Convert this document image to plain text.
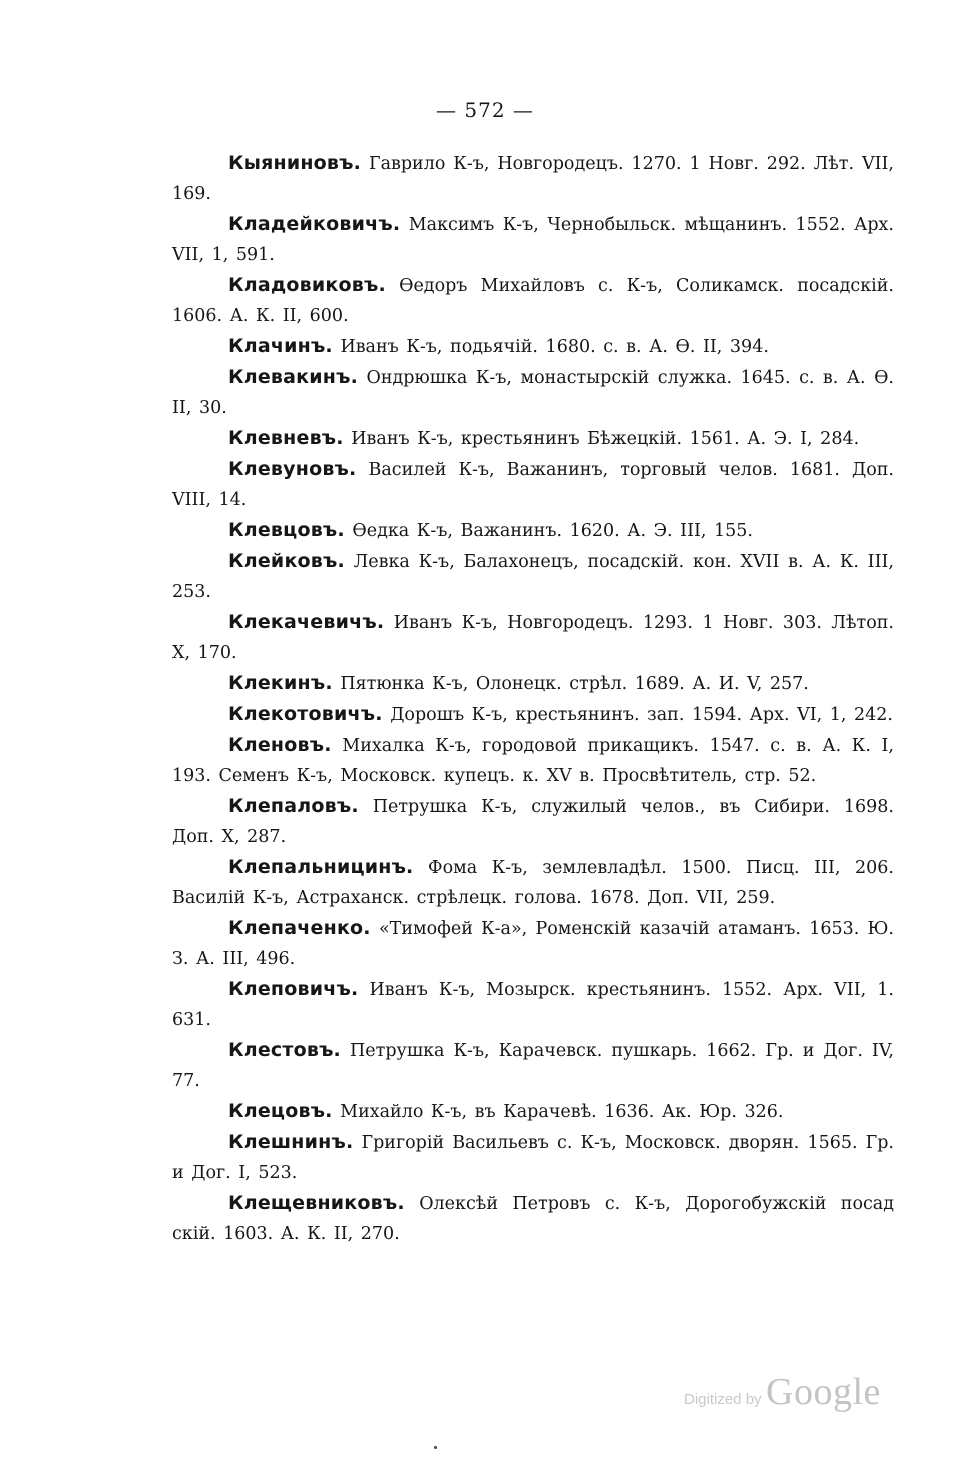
— 572 —

Кыяниновъ. Гаврило К-ъ, Новгородецъ. 1270. 1 Новг. 292. Лѣт. VII, 169.

Кладейковичъ. Максимъ К-ъ, Чернобыльск. мѣщанинъ. 1552. Арх. VII, 1, 591.

Кладовиковъ. Ѳедоръ Михайловъ с. К-ъ, Соликамск. посадскій. 1606. А. К. II, 600.

Клачинъ. Иванъ К-ъ, подьячій. 1680. с. в. А. Ѳ. II, 394.

Клевакинъ. Ондрюшка К-ъ, монастырскій служка. 1645. с. в. А. Ѳ. II, 30.

Клевневъ. Иванъ К-ъ, крестьянинъ Бѣжецкій. 1561. А. Э. I, 284.

Клевуновъ. Василей К-ъ, Важанинъ, торговый челов. 1681. Доп. VIII, 14.

Клевцовъ. Ѳедка К-ъ, Важанинъ. 1620. А. Э. III, 155.

Клейковъ. Левка К-ъ, Балахонецъ, посадскій. кон. XVII в. А. К. III, 253.

Клекачевичъ. Иванъ К-ъ, Новгородецъ. 1293. 1 Новг. 303. Лѣтоп. X, 170.

Клекинъ. Пятюнка К-ъ, Олонецк. стрѣл. 1689. А. И. V, 257.

Клекотовичъ. Дорошъ К-ъ, крестьянинъ. зап. 1594. Арх. VI, 1, 242.

Кленовъ. Михалка К-ъ, городовой прикащикъ. 1547. с. в. А. К. I, 193. Семенъ К-ъ, Московск. купецъ. к. XV в. Просвѣтитель, стр. 52.

Клепаловъ. Петрушка К-ъ, служилый челов., въ Сибири. 1698. Доп. X, 287.

Клепальницинъ. Фома К-ъ, землевладѣл. 1500. Писц. III, 206. Василій К-ъ, Астраханск. стрѣлецк. голова. 1678. Доп. VII, 259.

Клепаченко. «Тимофей К-а», Роменскій казачій атаманъ. 1653. Ю. З. А. III, 496.

Клеповичъ. Иванъ К-ъ, Мозырск. крестьянинъ. 1552. Арх. VII, 1. 631.

Клестовъ. Петрушка К-ъ, Карачевск. пушкарь. 1662. Гр. и Дог. IV, 77.

Клецовъ. Михайло К-ъ, въ Карачевѣ. 1636. Ак. Юр. 326.

Клешнинъ. Григорій Васильевъ с. К-ъ, Московск. дворян. 1565. Гр. и Дог. I, 523.

Клещевниковъ. Олексѣй Петровъ с. К-ъ, Дорогобужскій посад скій. 1603. А. К. II, 270.

Digitized by Google
